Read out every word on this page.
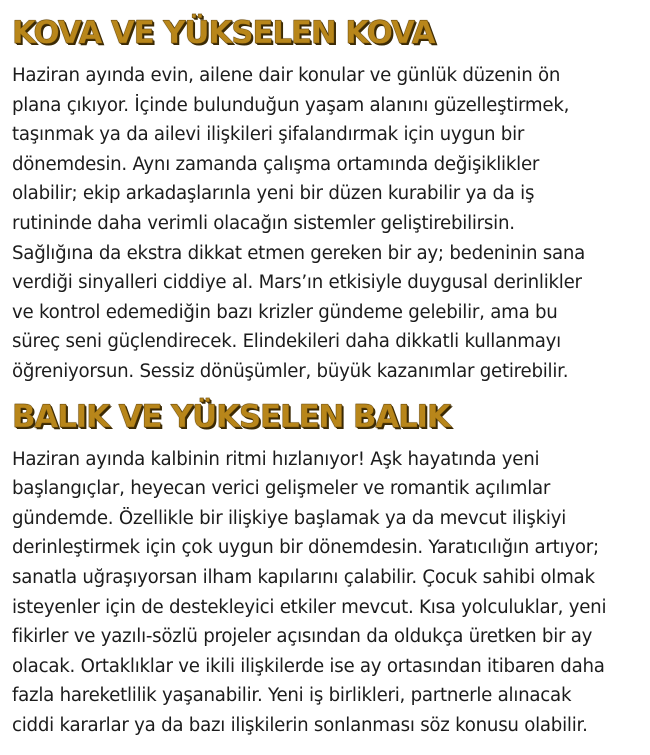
KOVA VE YÜKSELEN KOVA

Haziran ayında evin, ailene dair konular ve günlük düzenin ön
plana çıkıyor. İçinde bulunduğun yaşam alanını güzelleştirmek,
taşınmak ya da ailevi ilişkileri şifalandırmak için uygun bir
dönemdesin. Aynı zamanda çalışma ortamında değişiklikler
olabilir; ekip arkadaşlarınla yeni bir düzen kurabilir ya da iş
rutininde daha verimli olacağın sistemler geliştirebilirsin.
Sağlığına da ekstra dikkat etmen gereken bir ay; bedeninin sana
verdiği sinyalleri ciddiye al. Mars’ın etkisiyle duygusal derinlikler
ve kontrol edemediğin bazı krizler gündeme gelebilir, ama bu
süreç seni güçlendirecek. Elindekileri daha dikkatli kullanmayı
öğreniyorsun. Sessiz dönüşümler, büyük kazanımlar getirebilir.

BALIK VE YÜKSELEN BALIK

Haziran ayında kalbinin ritmi hızlanıyor! Aşk hayatında yeni
başlangıçlar, heyecan verici gelişmeler ve romantik açılımlar
gündemde. Özellikle bir ilişkiye başlamak ya da mevcut ilişkiyi
derinleştirmek için çok uygun bir dönemdesin. Yaratıcılığın artıyor;
sanatla uğraşıyorsan ilham kapılarını çalabilir. Çocuk sahibi olmak
isteyenler için de destekleyici etkiler mevcut. Kısa yolculuklar, yeni
fikirler ve yazılı-sözlü projeler açısından da oldukça üretken bir ay
olacak. Ortaklıklar ve ikili ilişkilerde ise ay ortasından itibaren daha
fazla hareketlilik yaşanabilir. Yeni iş birlikleri, partnerle alınacak
ciddi kararlar ya da bazı ilişkilerin sonlanması söz konusu olabilir.
